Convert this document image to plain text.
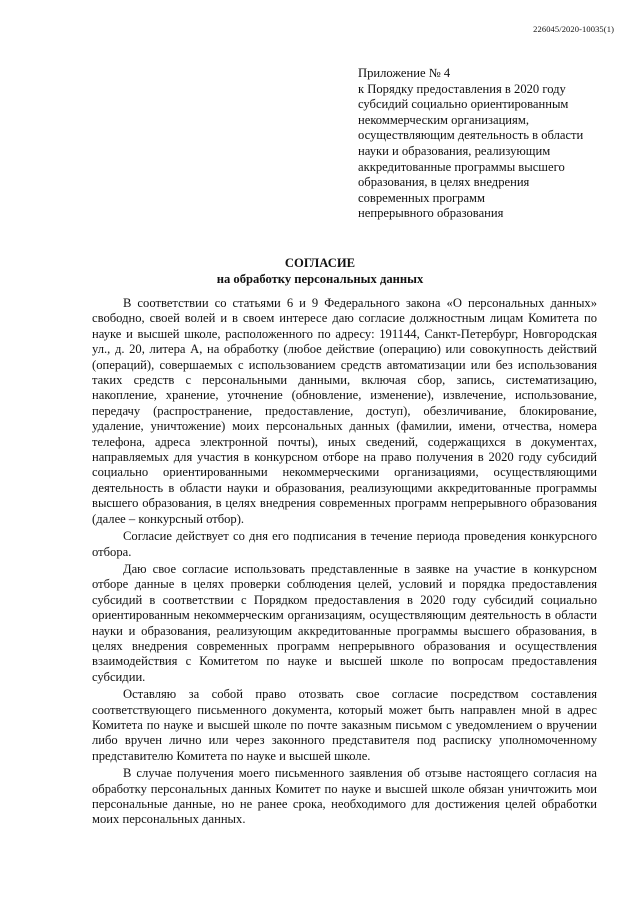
226045/2020-10035(1)
Приложение № 4
к Порядку предоставления в 2020 году
субсидий социально ориентированным
некоммерческим организациям,
осуществляющим деятельность в области
науки и образования, реализующим
аккредитованные программы высшего
образования, в целях внедрения
современных программ
непрерывного образования
СОГЛАСИЕ
на обработку персональных данных

В соответствии со статьями 6 и 9 Федерального закона «О персональных данных» свободно, своей волей и в своем интересе даю согласие должностным лицам Комитета по науке и высшей школе, расположенного по адресу: 191144, Санкт-Петербург, Новгородская ул., д. 20, литера А, на обработку (любое действие (операцию) или совокупность действий (операций), совершаемых с использованием средств автоматизации или без использования таких средств с персональными данными, включая сбор, запись, систематизацию, накопление, хранение, уточнение (обновление, изменение), извлечение, использование, передачу (распространение, предоставление, доступ), обезличивание, блокирование, удаление, уничтожение) моих персональных данных (фамилии, имени, отчества, номера телефона, адреса электронной почты), иных сведений, содержащихся в документах, направляемых для участия в конкурсном отборе на право получения в 2020 году субсидий социально ориентированными некоммерческими организациями, осуществляющими деятельность в области науки и образования, реализующими аккредитованные программы высшего образования, в целях внедрения современных программ непрерывного образования (далее – конкурсный отбор).

Согласие действует со дня его подписания в течение периода проведения конкурсного отбора.

Даю свое согласие использовать представленные в заявке на участие в конкурсном отборе данные в целях проверки соблюдения целей, условий и порядка предоставления субсидий в соответствии с Порядком предоставления в 2020 году субсидий социально ориентированным некоммерческим организациям, осуществляющим деятельность в области науки и образования, реализующим аккредитованные программы высшего образования, в целях внедрения современных программ непрерывного образования и осуществления взаимодействия с Комитетом по науке и высшей школе по вопросам предоставления субсидии.

Оставляю за собой право отозвать свое согласие посредством составления соответствующего письменного документа, который может быть направлен мной в адрес Комитета по науке и высшей школе по почте заказным письмом с уведомлением о вручении либо вручен лично или через законного представителя под расписку уполномоченному представителю Комитета по науке и высшей школе.

В случае получения моего письменного заявления об отзыве настоящего согласия на обработку персональных данных Комитет по науке и высшей школе обязан уничтожить мои персональные данные, но не ранее срока, необходимого для достижения целей обработки моих персональных данных.
